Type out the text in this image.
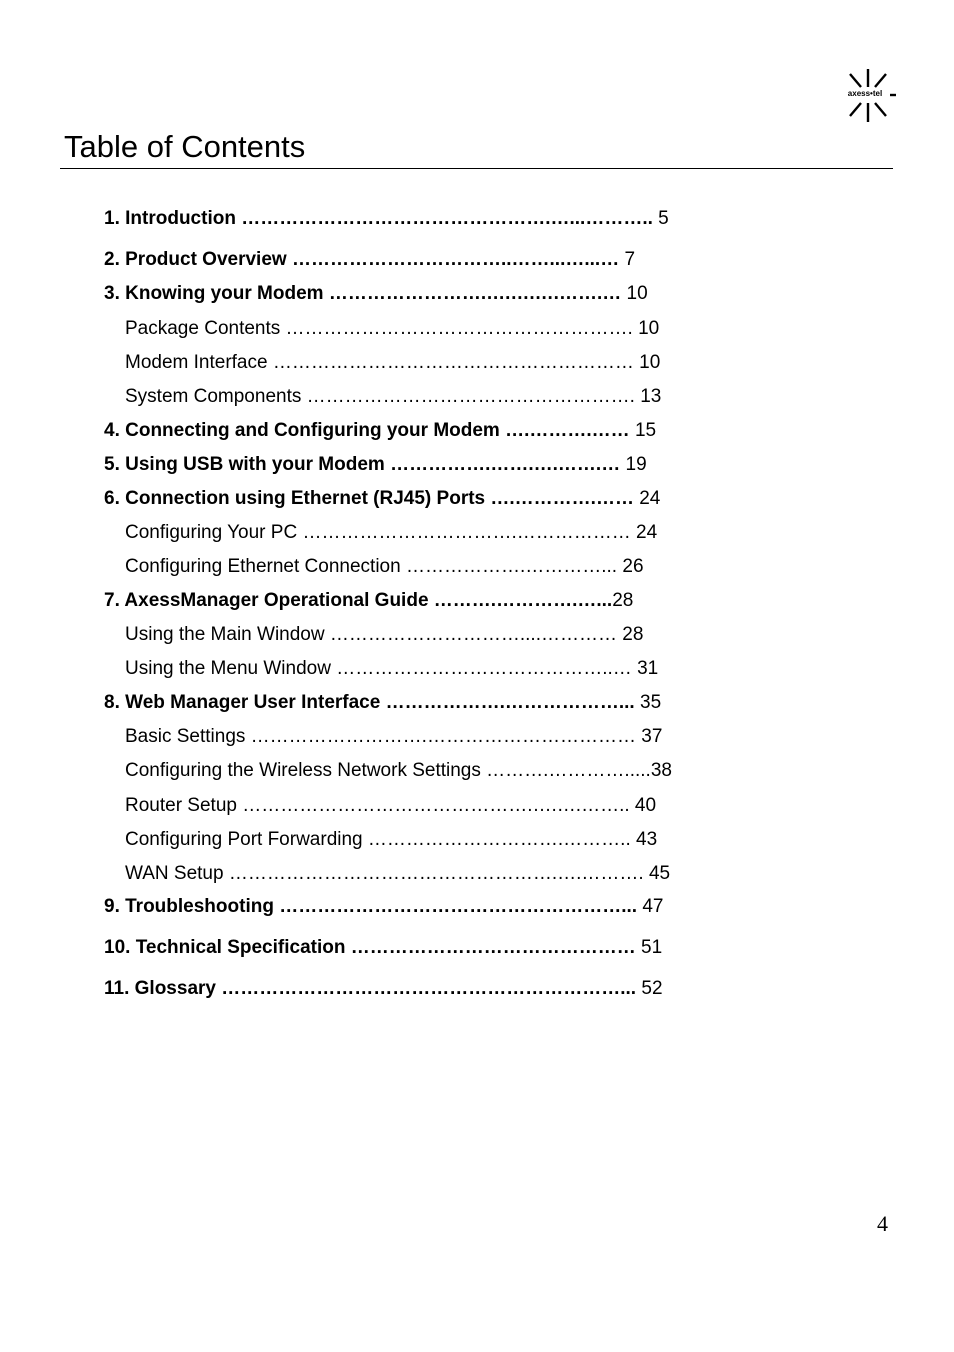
axess•tel
Table of Contents
1. Introduction ………………………………………….…...……….. 5
2. Product Overview ……………………………..……...…...… 7
3. Knowing your Modem …………………….….….….…….… 10
Package Contents ………………………………………………. 10
Modem Interface ………………………………………………… 10
System Components ……………………………………………. 13
4. Connecting and Configuring your Modem ….……….…… 15
5. Using USB with your Modem …………….…….….…….… 19
6. Connection using Ethernet (RJ45) Ports ….………….…… 24
Configuring Your PC …………………………….……………… 24
Configuring Ethernet Connection ……………….…………... 26
7. AxessManager Operational Guide ……….………….…...28
Using the Main Window …………………………....………… 28
Using the Menu Window ……………………………………..… 31
8. Web Manager User Interface ……………….………………... 35
Basic Settings ……………………….…………………………… 37
Configuring the Wireless Network Settings ……….………….....38
Router Setup ……………………………………….….….…….. 40
Configuring Port Forwarding ………………………….……….. 43
WAN Setup …………………………………………….….………. 45
9. Troubleshooting ………………………………………………... 47
10. Technical Specification ……………………………………… 51
11. Glossary ………………………………………………………... 52
4
